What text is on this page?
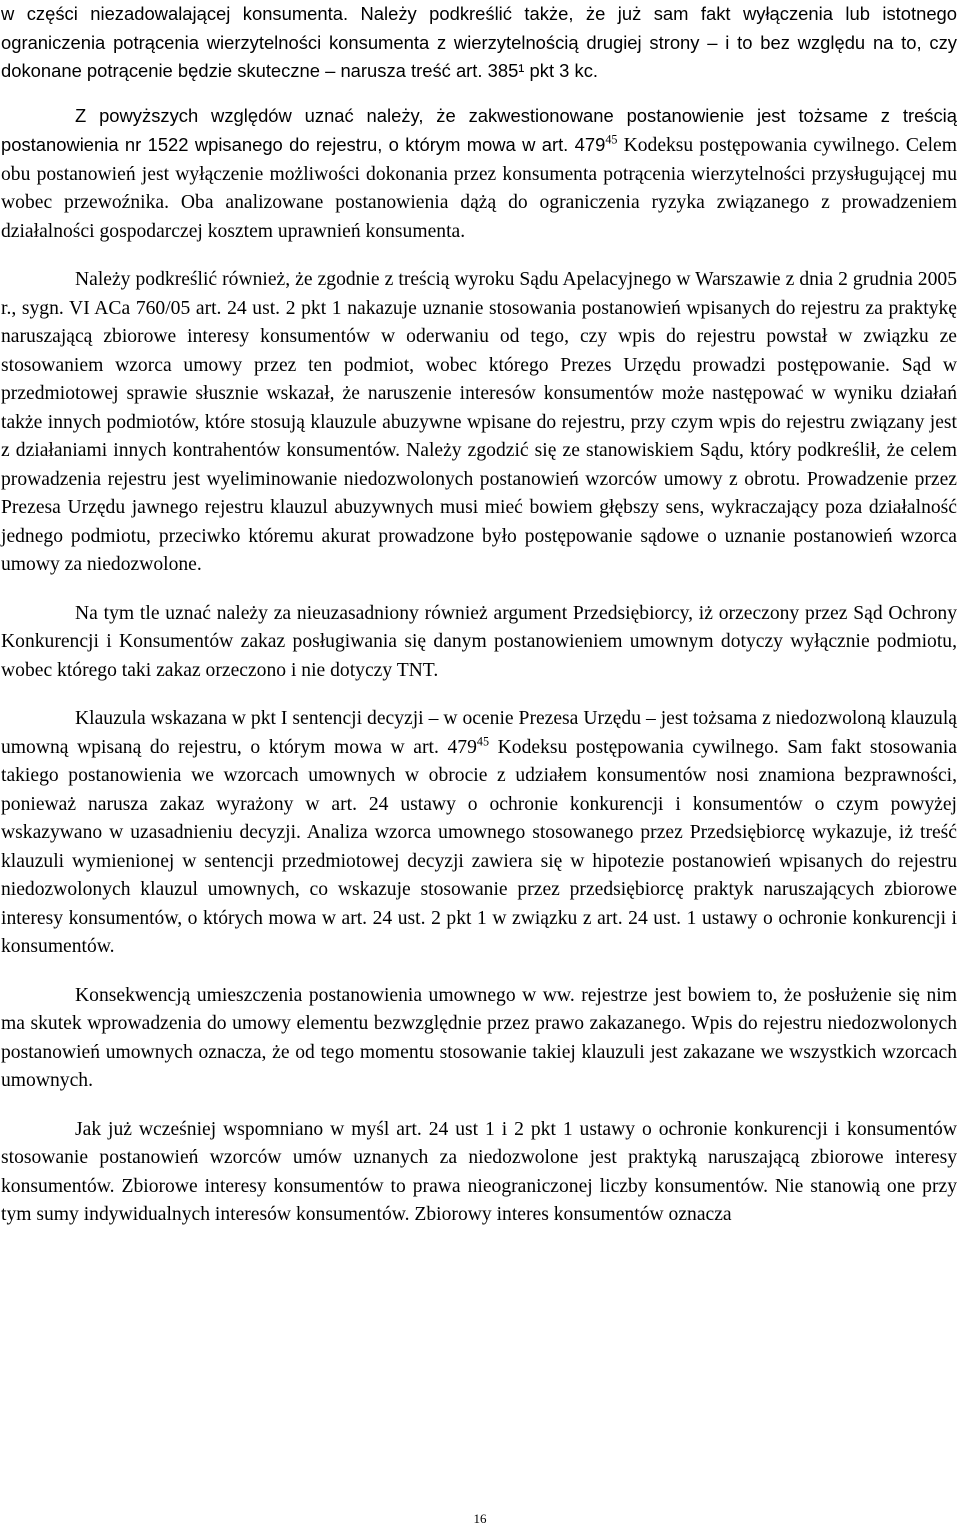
w części niezadowalającej konsumenta. Należy podkreślić także, że już sam fakt wyłączenia lub istotnego ograniczenia potrącenia wierzytelności konsumenta z wierzytelnością drugiej strony – i to bez względu na to, czy dokonane potrącenie będzie skuteczne – narusza treść art. 385¹ pkt 3 kc.

Z powyższych względów uznać należy, że zakwestionowane postanowienie jest tożsame z treścią postanowienia nr 1522 wpisanego do rejestru, o którym mowa w art. $479^{45}$ Kodeksu postępowania cywilnego. Celem obu postanowień jest wyłączenie możliwości dokonania przez konsumenta potrącenia wierzytelności przysługującej mu wobec przewoźnika. Oba analizowane postanowienia dążą do ograniczenia ryzyka związanego z prowadzeniem działalności gospodarczej kosztem uprawnień konsumenta.

Należy podkreślić również, że zgodnie z treścią wyroku Sądu Apelacyjnego w Warszawie z dnia 2 grudnia 2005 r., sygn. VI ACa 760/05 art. 24 ust. 2 pkt 1 nakazuje uznanie stosowania postanowień wpisanych do rejestru za praktykę naruszającą zbiorowe interesy konsumentów w oderwaniu od tego, czy wpis do rejestru powstał w związku ze stosowaniem wzorca umowy przez ten podmiot, wobec którego Prezes Urzędu prowadzi postępowanie. Sąd w przedmiotowej sprawie słusznie wskazał, że naruszenie interesów konsumentów może następować w wyniku działań także innych podmiotów, które stosują klauzule abuzywne wpisane do rejestru, przy czym wpis do rejestru związany jest z działaniami innych kontrahentów konsumentów. Należy zgodzić się ze stanowiskiem Sądu, który podkreślił, że celem prowadzenia rejestru jest wyeliminowanie niedozwolonych postanowień wzorców umowy z obrotu. Prowadzenie przez Prezesa Urzędu jawnego rejestru klauzul abuzywnych musi mieć bowiem głębszy sens, wykraczający poza działalność jednego podmiotu, przeciwko któremu akurat prowadzone było postępowanie sądowe o uznanie postanowień wzorca umowy za niedozwolone.

Na tym tle uznać należy za nieuzasadniony również argument Przedsiębiorcy, iż orzeczony przez Sąd Ochrony Konkurencji i Konsumentów zakaz posługiwania się danym postanowieniem umownym dotyczy wyłącznie podmiotu, wobec którego taki zakaz orzeczono i nie dotyczy TNT.

Klauzula wskazana w pkt I sentencji decyzji – w ocenie Prezesa Urzędu – jest tożsama z niedozwoloną klauzulą umowną wpisaną do rejestru, o którym mowa w art. $479^{45}$ Kodeksu postępowania cywilnego. Sam fakt stosowania takiego postanowienia we wzorcach umownych w obrocie z udziałem konsumentów nosi znamiona bezprawności, ponieważ narusza zakaz wyrażony w art. 24 ustawy o ochronie konkurencji i konsumentów o czym powyżej wskazywano w uzasadnieniu decyzji. Analiza wzorca umownego stosowanego przez Przedsiębiorcę wykazuje, iż treść klauzuli wymienionej w sentencji przedmiotowej decyzji zawiera się w hipotezie postanowień wpisanych do rejestru niedozwolonych klauzul umownych, co wskazuje stosowanie przez przedsiębiorcę praktyk naruszających zbiorowe interesy konsumentów, o których mowa w art. 24 ust. 2 pkt 1 w związku z art. 24 ust. 1 ustawy o ochronie konkurencji i konsumentów.

Konsekwencją umieszczenia postanowienia umownego w ww. rejestrze jest bowiem to, że posłużenie się nim ma skutek wprowadzenia do umowy elementu bezwzględnie przez prawo zakazanego. Wpis do rejestru niedozwolonych postanowień umownych oznacza, że od tego momentu stosowanie takiej klauzuli jest zakazane we wszystkich wzorcach umownych.

Jak już wcześniej wspomniano w myśl art. 24 ust 1 i 2 pkt 1 ustawy o ochronie konkurencji i konsumentów stosowanie postanowień wzorców umów uznanych za niedozwolone jest praktyką naruszającą zbiorowe interesy konsumentów. Zbiorowe interesy konsumentów to prawa nieograniczonej liczby konsumentów. Nie stanowią one przy tym sumy indywidualnych interesów konsumentów. Zbiorowy interes konsumentów oznacza

16
